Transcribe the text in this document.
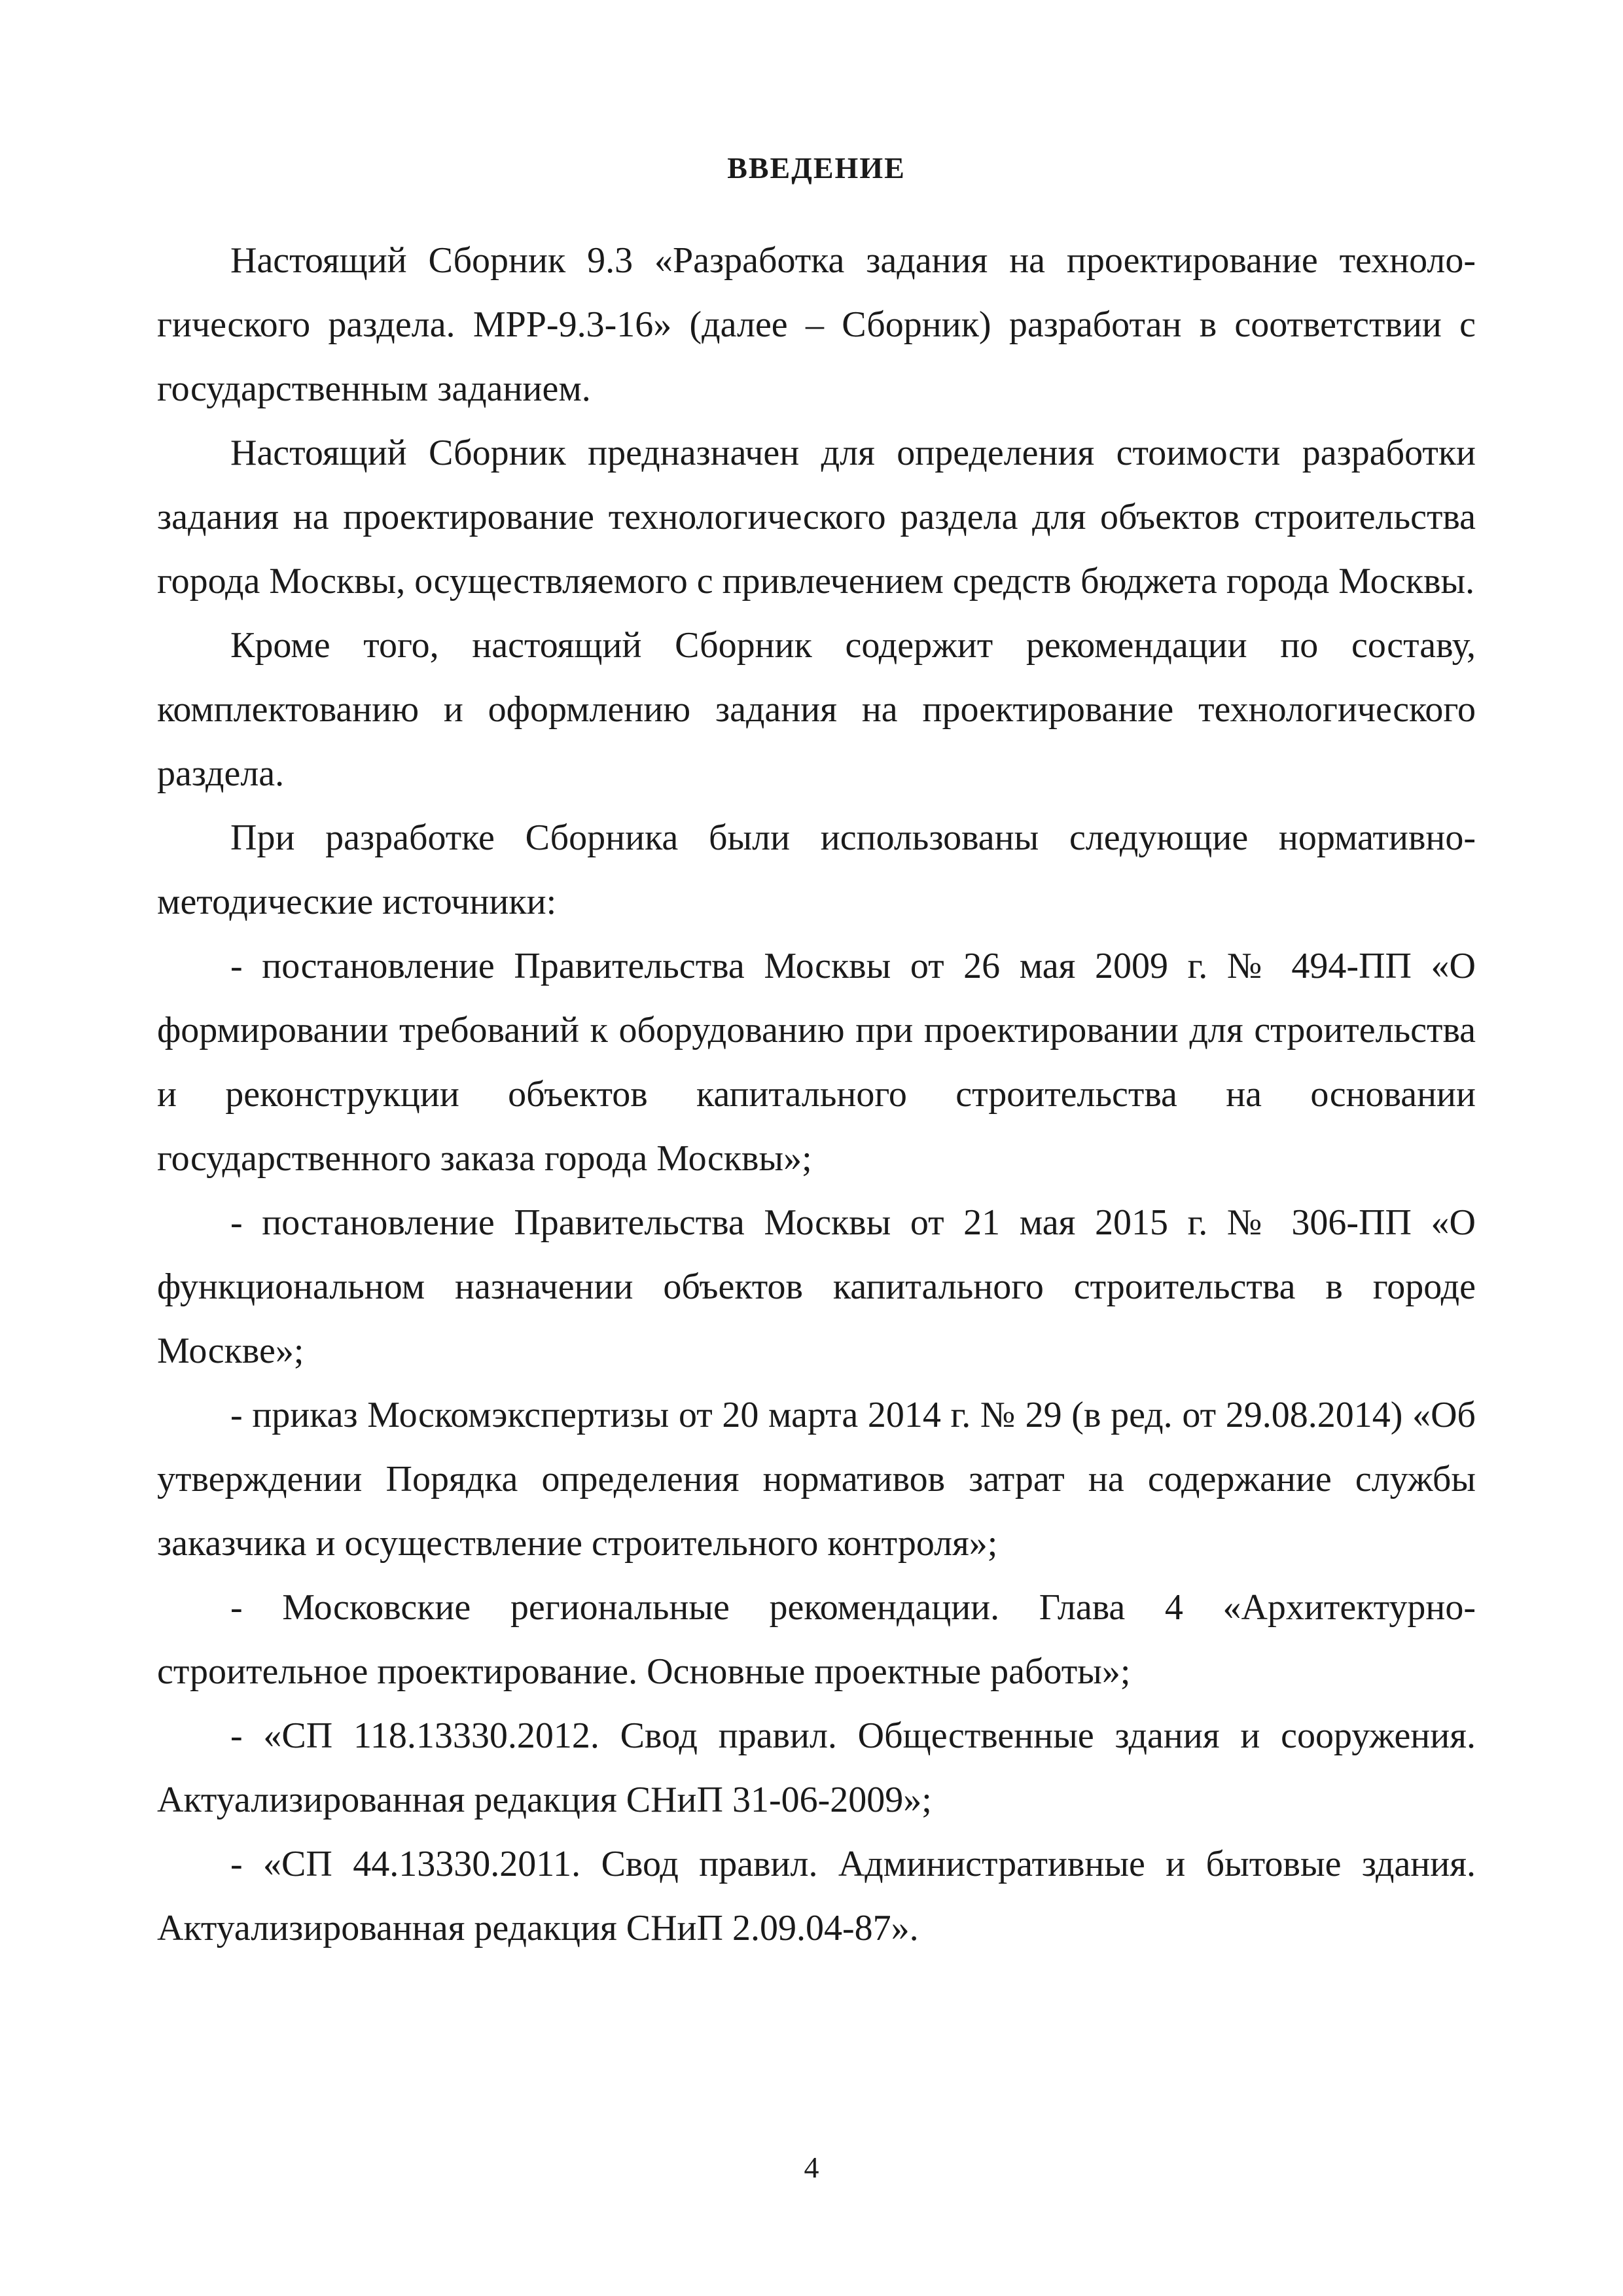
ВВЕДЕНИЕ

Настоящий Сборник 9.3 «Разработка задания на проектирование технологического раздела. МРР-9.3-16» (далее – Сборник) разработан в соответствии с государственным заданием.

Настоящий Сборник предназначен для определения стоимости разработки задания на проектирование технологического раздела для объектов строительства города Москвы, осуществляемого с привлечением средств бюджета города Москвы.

Кроме того, настоящий Сборник содержит рекомендации по составу, комплектованию и оформлению задания на проектирование технологического раздела.

При разработке Сборника были использованы следующие нормативно-методические источники:

- постановление Правительства Москвы от 26 мая 2009 г. № 494-ПП «О формировании требований к оборудованию при проектировании для строительства и реконструкции объектов капитального строительства на основании государственного заказа города Москвы»;

- постановление Правительства Москвы от 21 мая 2015 г. № 306-ПП «О функциональном назначении объектов капитального строительства в городе Москве»;

- приказ Москомэкспертизы от 20 марта 2014 г. № 29 (в ред. от 29.08.2014) «Об утверждении Порядка определения нормативов затрат на содержание службы заказчика и осуществление строительного контроля»;

- Московские региональные рекомендации. Глава 4 «Архитектурно-строительное проектирование. Основные проектные работы»;

- «СП 118.13330.2012. Свод правил. Общественные здания и сооружения. Актуализированная редакция СНиП 31-06-2009»;

- «СП 44.13330.2011. Свод правил. Административные и бытовые здания. Актуализированная редакция СНиП 2.09.04-87».

4
